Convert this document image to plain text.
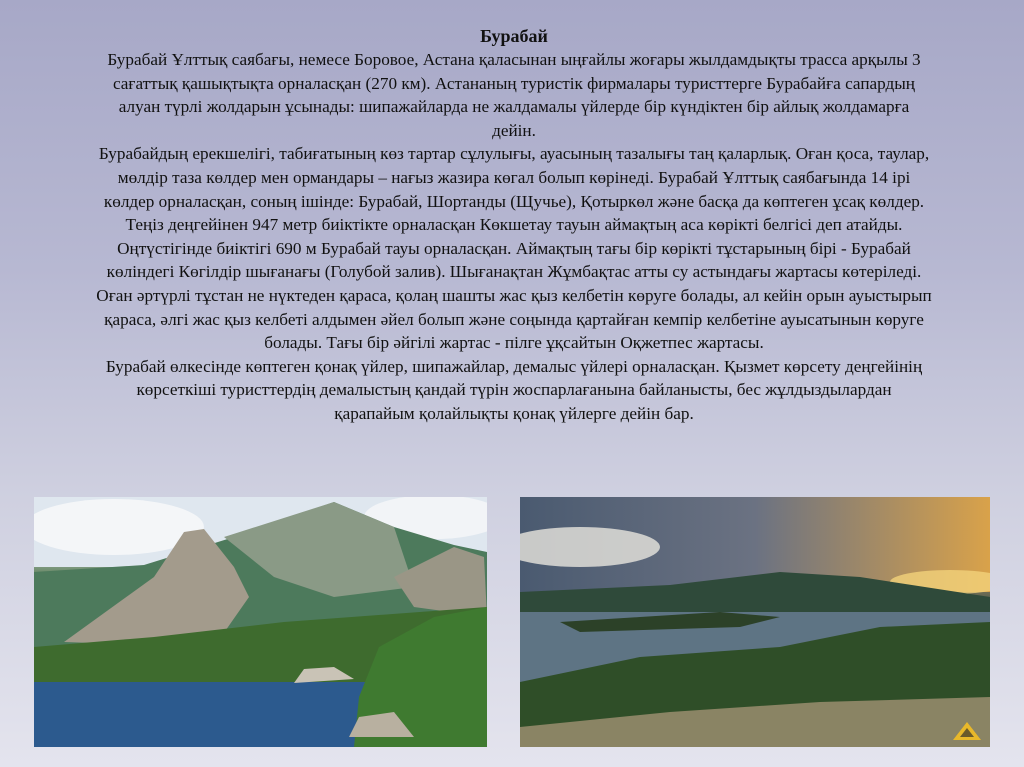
Бурабай

Бурабай Ұлттық саябағы, немесе Боровое, Астана қаласынан ыңғайлы жоғары жылдамдықты трасса арқылы 3 сағаттық қашықтықта орналасқан (270 км). Астананың туристік фирмалары туристтерге Бурабайға сапардың алуан түрлі жолдарын ұсынады: шипажайларда не жалдамалы үйлерде бір күндіктен бір айлық жолдамарға дейін.

Бурабайдың ерекшелігі, табиғатының көз тартар сұлулығы, ауасының тазалығы таң қаларлық. Оған қоса, таулар, мөлдір таза көлдер мен ормандары – нағыз жазира көгал болып көрінеді. Бурабай Ұлттық саябағында 14 ірі көлдер орналасқан, соның ішінде: Бурабай, Шортанды (Щучье), Қотыркөл және басқа да көптеген ұсақ көлдер. Теңіз деңгейінен 947 метр биіктікте орналасқан Көкшетау тауын аймақтың аса көрікті белгісі деп атайды. Оңтүстігінде биіктігі 690 м Бурабай тауы орналасқан. Аймақтың тағы бір көрікті тұстарының бірі - Бурабай көліндегі Көгілдір шығанағы (Голубой залив). Шығанақтан Жұмбақтас атты су астындағы жартасы көтеріледі. Оған әртүрлі тұстан не нүктеден қараса, қолаң шашты жас қыз келбетін көруге болады, ал кейін орын ауыстырып қараса, әлгі жас қыз келбеті алдымен әйел болып және соңында қартайған кемпір келбетіне ауысатынын көруге болады. Тағы бір әйгілі жартас - пілге ұқсайтын Оқжетпес жартасы.

Бурабай өлкесінде көптеген қонақ үйлер, шипажайлар, демалыс үйлері орналасқан. Қызмет көрсету деңгейінің көрсеткіші туристтердің демалыстың қандай түрін жоспарлағанына байланысты, бес жұлдыздылардан қарапайым қолайлықты қонақ үйлерге дейін бар.
